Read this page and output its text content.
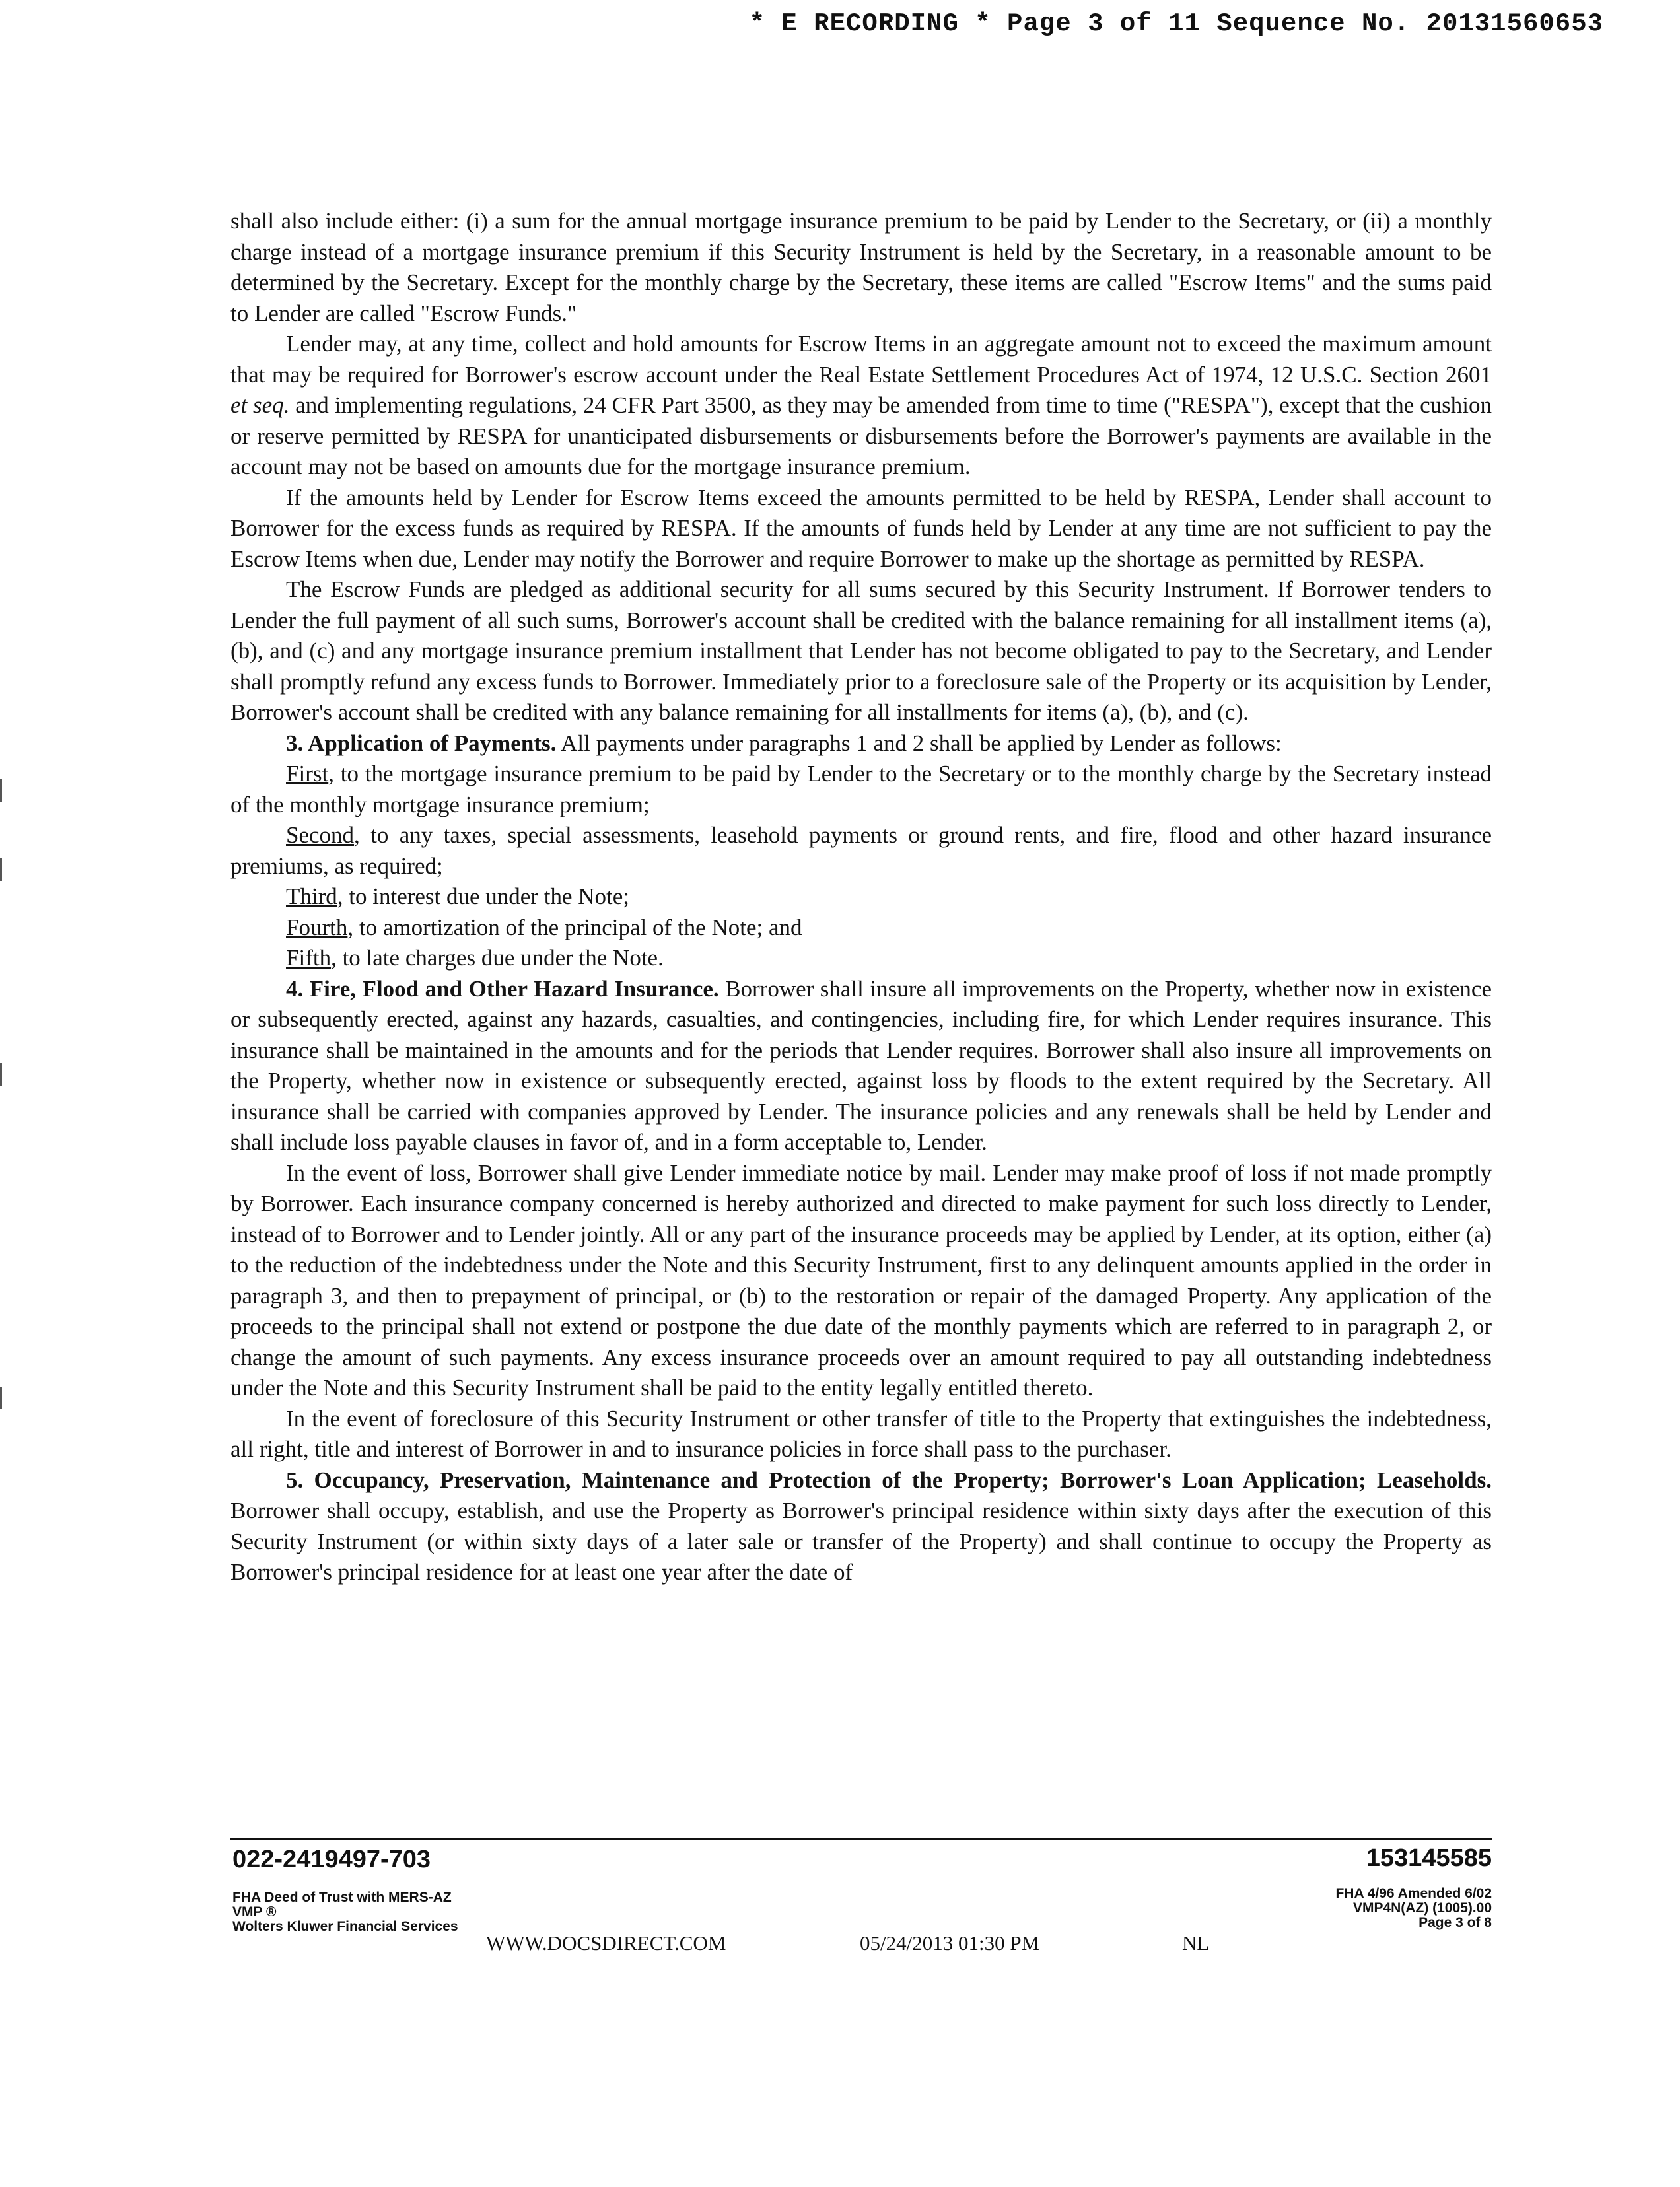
* E RECORDING * Page 3 of 11 Sequence No. 20131560653

shall also include either: (i) a sum for the annual mortgage insurance premium to be paid by Lender to the Secretary, or (ii) a monthly charge instead of a mortgage insurance premium if this Security Instrument is held by the Secretary, in a reasonable amount to be determined by the Secretary. Except for the monthly charge by the Secretary, these items are called "Escrow Items" and the sums paid to Lender are called "Escrow Funds."

Lender may, at any time, collect and hold amounts for Escrow Items in an aggregate amount not to exceed the maximum amount that may be required for Borrower's escrow account under the Real Estate Settlement Procedures Act of 1974, 12 U.S.C. Section 2601 et seq. and implementing regulations, 24 CFR Part 3500, as they may be amended from time to time ("RESPA"), except that the cushion or reserve permitted by RESPA for unanticipated disbursements or disbursements before the Borrower's payments are available in the account may not be based on amounts due for the mortgage insurance premium.

If the amounts held by Lender for Escrow Items exceed the amounts permitted to be held by RESPA, Lender shall account to Borrower for the excess funds as required by RESPA. If the amounts of funds held by Lender at any time are not sufficient to pay the Escrow Items when due, Lender may notify the Borrower and require Borrower to make up the shortage as permitted by RESPA.

The Escrow Funds are pledged as additional security for all sums secured by this Security Instrument. If Borrower tenders to Lender the full payment of all such sums, Borrower's account shall be credited with the balance remaining for all installment items (a), (b), and (c) and any mortgage insurance premium installment that Lender has not become obligated to pay to the Secretary, and Lender shall promptly refund any excess funds to Borrower. Immediately prior to a foreclosure sale of the Property or its acquisition by Lender, Borrower's account shall be credited with any balance remaining for all installments for items (a), (b), and (c).

3. Application of Payments. All payments under paragraphs 1 and 2 shall be applied by Lender as follows:

First, to the mortgage insurance premium to be paid by Lender to the Secretary or to the monthly charge by the Secretary instead of the monthly mortgage insurance premium;

Second, to any taxes, special assessments, leasehold payments or ground rents, and fire, flood and other hazard insurance premiums, as required;

Third, to interest due under the Note;

Fourth, to amortization of the principal of the Note; and

Fifth, to late charges due under the Note.

4. Fire, Flood and Other Hazard Insurance. Borrower shall insure all improvements on the Property, whether now in existence or subsequently erected, against any hazards, casualties, and contingencies, including fire, for which Lender requires insurance. This insurance shall be maintained in the amounts and for the periods that Lender requires. Borrower shall also insure all improvements on the Property, whether now in existence or subsequently erected, against loss by floods to the extent required by the Secretary. All insurance shall be carried with companies approved by Lender. The insurance policies and any renewals shall be held by Lender and shall include loss payable clauses in favor of, and in a form acceptable to, Lender.

In the event of loss, Borrower shall give Lender immediate notice by mail. Lender may make proof of loss if not made promptly by Borrower. Each insurance company concerned is hereby authorized and directed to make payment for such loss directly to Lender, instead of to Borrower and to Lender jointly. All or any part of the insurance proceeds may be applied by Lender, at its option, either (a) to the reduction of the indebtedness under the Note and this Security Instrument, first to any delinquent amounts applied in the order in paragraph 3, and then to prepayment of principal, or (b) to the restoration or repair of the damaged Property. Any application of the proceeds to the principal shall not extend or postpone the due date of the monthly payments which are referred to in paragraph 2, or change the amount of such payments. Any excess insurance proceeds over an amount required to pay all outstanding indebtedness under the Note and this Security Instrument shall be paid to the entity legally entitled thereto.

In the event of foreclosure of this Security Instrument or other transfer of title to the Property that extinguishes the indebtedness, all right, title and interest of Borrower in and to insurance policies in force shall pass to the purchaser.

5. Occupancy, Preservation, Maintenance and Protection of the Property; Borrower's Loan Application; Leaseholds. Borrower shall occupy, establish, and use the Property as Borrower's principal residence within sixty days after the execution of this Security Instrument (or within sixty days of a later sale or transfer of the Property) and shall continue to occupy the Property as Borrower's principal residence for at least one year after the date of

022-2419497-703	153145585
FHA Deed of Trust with MERS-AZ
VMP ®
Wolters Kluwer Financial Services
FHA 4/96 Amended 6/02
VMP4N(AZ) (1005).00
Page 3 of 8
WWW.DOCSDIRECT.COM	05/24/2013 01:30 PM	NL
